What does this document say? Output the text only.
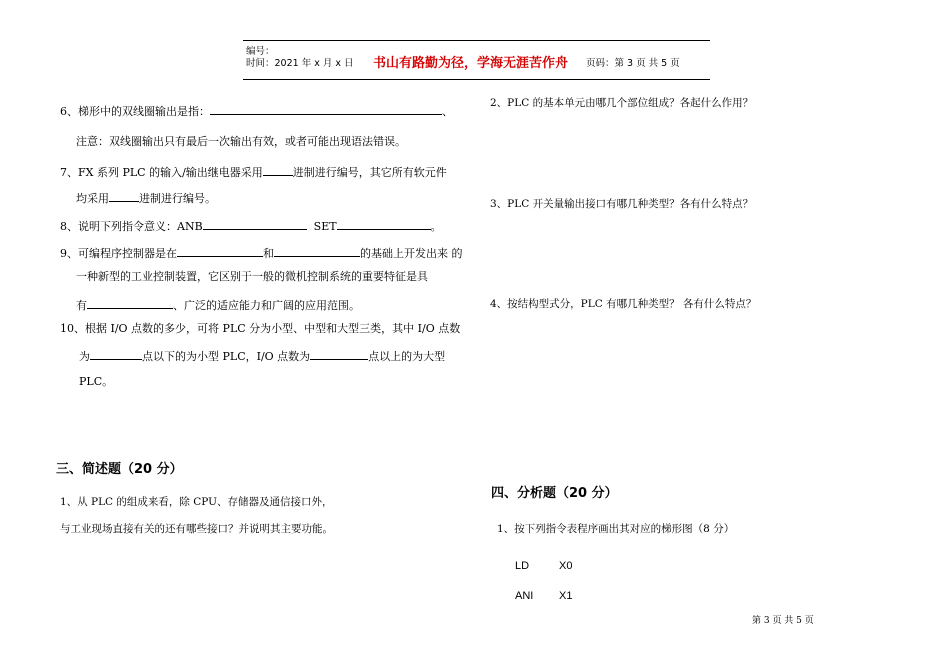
编号：
时间：2021 年 x 月 x 日 书山有路勤为径，学海无涯苦作舟 页码：第 3 页 共 5 页
6、梯形中的双线圈输出是指：	、
注意：双线圈输出只有最后一次输出有效，或者可能出现语法错误。
7、FX 系列 PLC 的输入/输出继电器采用	进制进行编号，其它所有软元件
均采用	进制进行编号。
8、说明下列指令意义：ANB	SET	。
9、可编程序控制器是在	和	的基础上开发出来 的
一种新型的工业控制装置，它区别于一般的微机控制系统的重要特征是具
有	、广泛的适应能力和广阔的应用范围。
10、根据 I/O 点数的多少，可将 PLC 分为小型、中型和大型三类，其中 I/O 点数
为	点以下的为小型 PLC，I/O 点数为	点以上的为大型
PLC。
三、简述题（20 分）
1、从 PLC 的组成来看，除 CPU、存储器及通信接口外，
与工业现场直接有关的还有哪些接口？并说明其主要功能。
2、PLC 的基本单元由哪几个部位组成？各起什么作用？
3、PLC 开关量输出接口有哪几种类型？各有什么特点？
4、按结构型式分，PLC 有哪几种类型？ 各有什么特点？
四、分析题（20 分）
1、按下列指令表程序画出其对应的梯形图（8 分）
LD	X0
ANI X1
第 3 页 共 5 页
